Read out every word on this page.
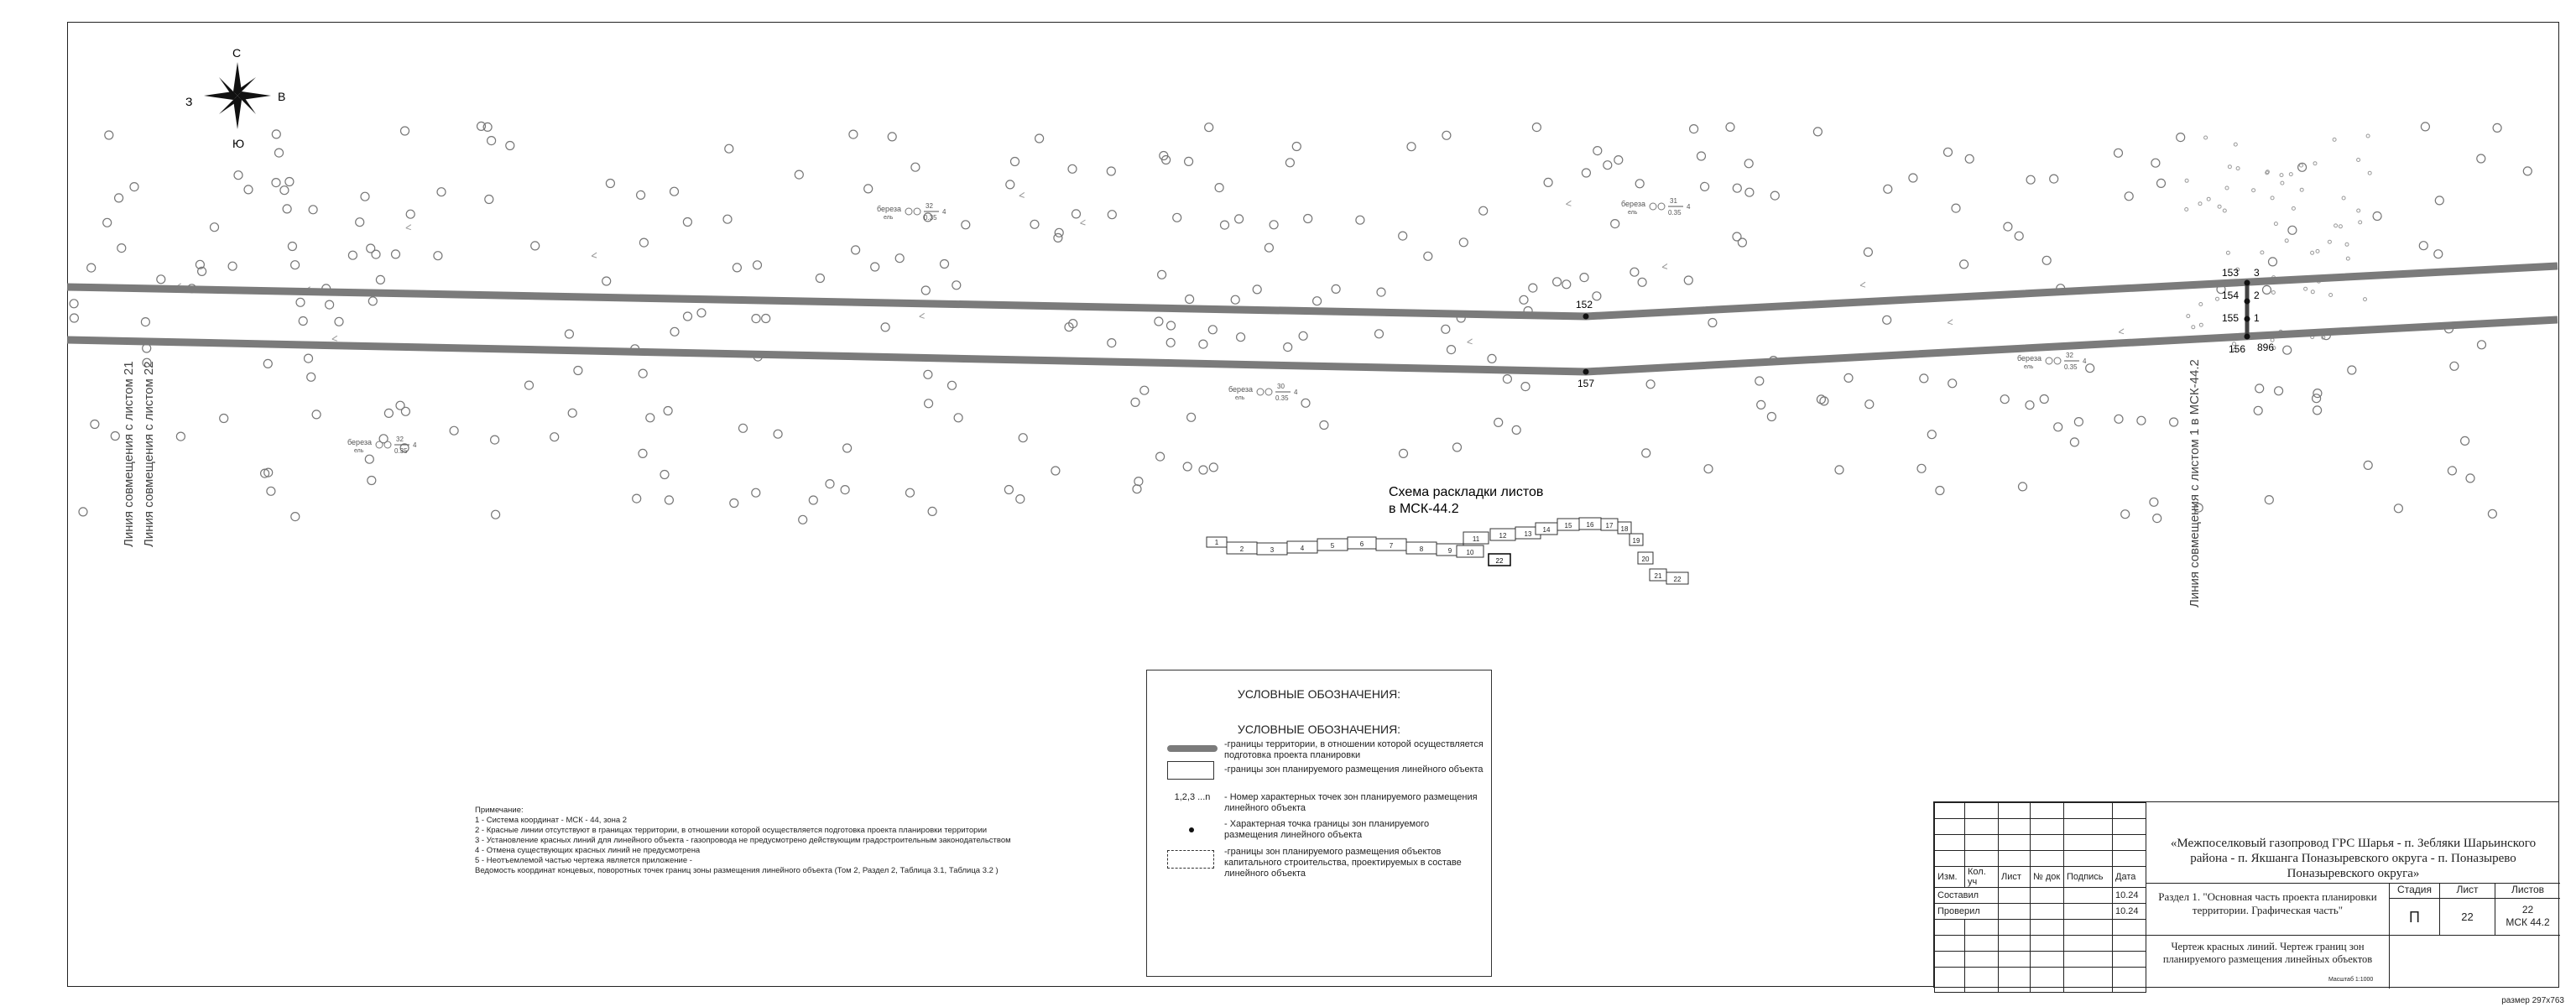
152
157
153 3
154 2
155 1
156 896
С
Ю
З	В
Линия совмещения с листом 21 Линия совмещения с листом 22	Линия совмещения с листом 1 в МСК-44.2
береза
ель
32
0.35
4
береза
ель
31
0.35
4
береза
ель
30
0.35
4
береза
ель
32
0.35
4
береза
ель
32
0.35
4
Схема раскладки листов
в МСК-44.2
1
2	3	4	5	6	7	8	9 10
11	12	13
14
15 16 17 18
19
20
21 22
22
УСЛОВНЫЕ ОБОЗНАЧЕНИЯ:
УСЛОВНЫЕ ОБОЗНАЧЕНИЯ:
-границы территории, в отношении которой осуществляется подготовка проекта планировки
-границы зон планируемого размещения линейного объекта
1,2,3 ...n	- Номер характерных точек зон планируемого размещения линейного объекта
- Характерная точка границы зон планируемого размещения линейного объекта
-границы зон планируемого размещения объектов капитального строительства, проектируемых в составе линейного объекта
Примечание:
1 - Система координат - МСК - 44, зона 2
2 - Красные линии отсутствуют в границах территории, в отношении которой осуществляется подготовка проекта планировки территории
3 - Установление красных линий для линейного объекта - газопровода не предусмотрено действующим градостроительным законодательством
4 - Отмена существующих красных линий не предусмотрена
5 - Неотъемлемой частью чертежа является приложение -
Ведомость координат концевых, поворотных точек границ зоны размещения линейного объекта (Том 2, Раздел 2, Таблица 3.1, Таблица 3.2 )

Изм.	Кол. уч	Лист	№ док	Подпись	Дата
Составил					10.24
Проверил					10.24

«Межпоселковый газопровод ГРС Шарья - п. Зебляки Шарьинского района - п. Якшанга Поназыревского округа - п. Поназырево Поназыревского округа»
Раздел 1. "Основная часть проекта планировки территории. Графическая часть"
Стадия	Лист	Листов
П	22
22
МСК 44.2
Чертеж красных линий. Чертеж границ зон планируемого размещения линейных объектов
Масштаб 1:1000
размер 297x763
